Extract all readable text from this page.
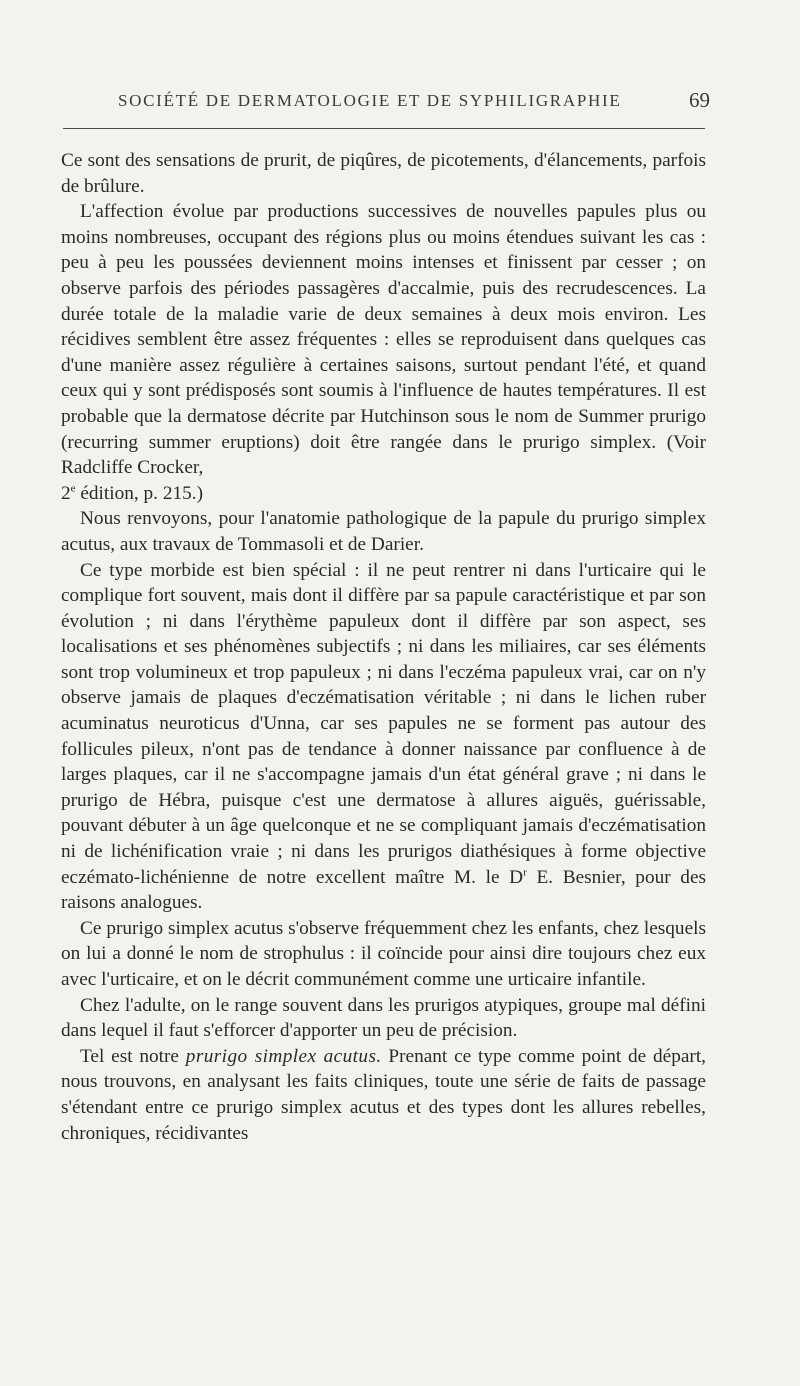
SOCIÉTÉ DE DERMATOLOGIE ET DE SYPHILIGRAPHIE	69

Ce sont des sensations de prurit, de piqûres, de picotements, d'élancements, parfois de brûlure.

L'affection évolue par productions successives de nouvelles papules plus ou moins nombreuses, occupant des régions plus ou moins étendues suivant les cas : peu à peu les poussées deviennent moins intenses et finissent par cesser ; on observe parfois des périodes passagères d'accalmie, puis des recrudescences. La durée totale de la maladie varie de deux semaines à deux mois environ. Les récidives semblent être assez fréquentes : elles se reproduisent dans quelques cas d'une manière assez régulière à certaines saisons, surtout pendant l'été, et quand ceux qui y sont prédisposés sont soumis à l'influence de hautes températures. Il est probable que la dermatose décrite par Hutchinson sous le nom de Summer prurigo (recurring summer eruptions) doit être rangée dans le prurigo simplex. (Voir Radcliffe Crocker,
2e édition, p. 215.)

Nous renvoyons, pour l'anatomie pathologique de la papule du prurigo simplex acutus, aux travaux de Tommasoli et de Darier.

Ce type morbide est bien spécial : il ne peut rentrer ni dans l'urticaire qui le complique fort souvent, mais dont il diffère par sa papule caractéristique et par son évolution ; ni dans l'érythème papuleux dont il diffère par son aspect, ses localisations et ses phénomènes subjectifs ; ni dans les miliaires, car ses éléments sont trop volumineux et trop papuleux ; ni dans l'eczéma papuleux vrai, car on n'y observe jamais de plaques d'eczématisation véritable ; ni dans le lichen ruber acuminatus neuroticus d'Unna, car ses papules ne se forment pas autour des follicules pileux, n'ont pas de tendance à donner naissance par confluence à de larges plaques, car il ne s'accompagne jamais d'un état général grave ; ni dans le prurigo de Hébra, puisque c'est une dermatose à allures aiguës, guérissable, pouvant débuter à un âge quelconque et ne se compliquant jamais d'eczématisation ni de lichénification vraie ; ni dans les prurigos diathésiques à forme objective eczémato-lichénienne de notre excellent maître M. le $D^r$ E. Besnier, pour des raisons analogues.

Ce prurigo simplex acutus s'observe fréquemment chez les enfants, chez lesquels on lui a donné le nom de strophulus : il coïncide pour ainsi dire toujours chez eux avec l'urticaire, et on le décrit communément comme une urticaire infantile.

Chez l'adulte, on le range souvent dans les prurigos atypiques, groupe mal défini dans lequel il faut s'efforcer d'apporter un peu de précision.

Tel est notre prurigo simplex acutus. Prenant ce type comme point de départ, nous trouvons, en analysant les faits cliniques, toute une série de faits de passage s'étendant entre ce prurigo simplex acutus et des types dont les allures rebelles, chroniques, récidivantes
